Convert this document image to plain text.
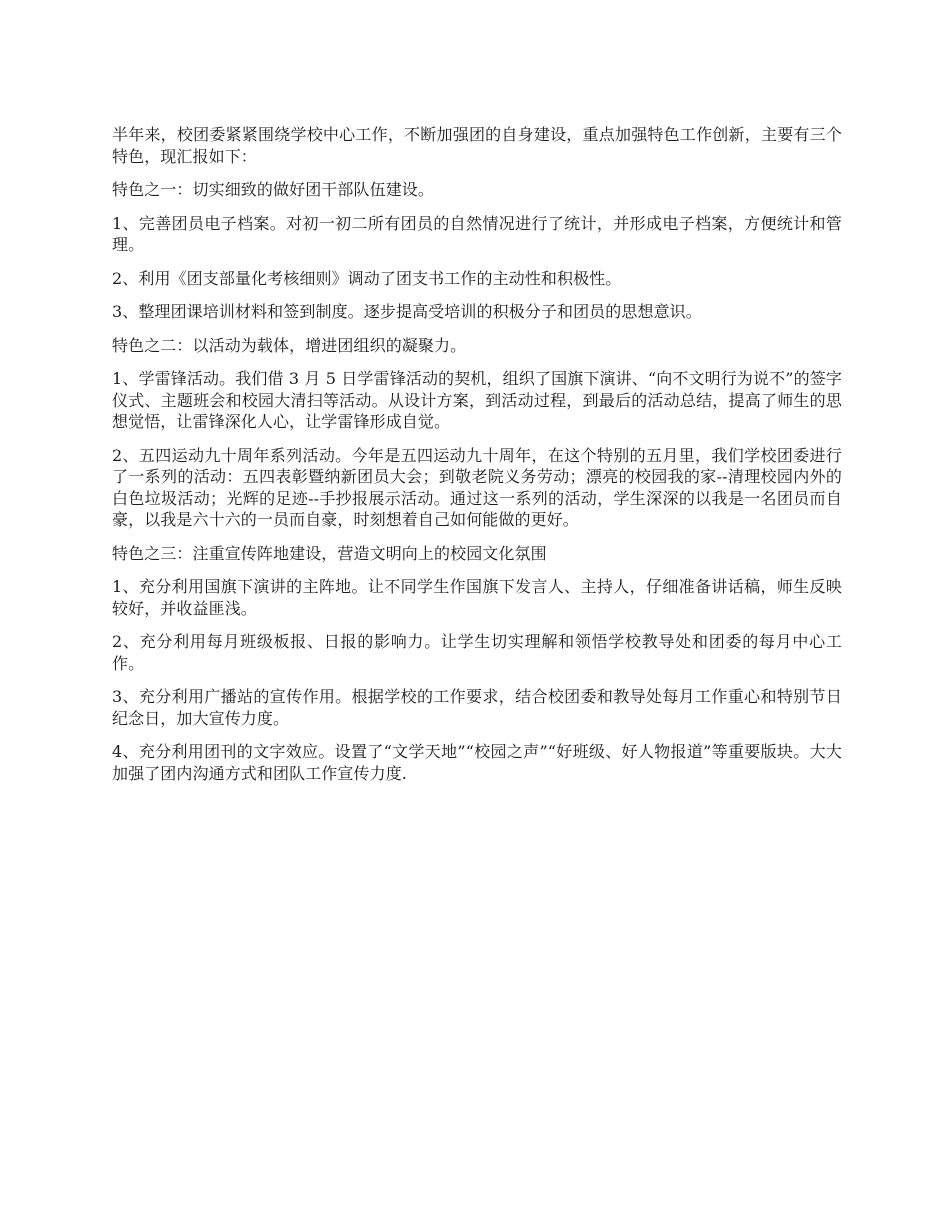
半年来，校团委紧紧围绕学校中心工作，不断加强团的自身建设，重点加强特色工作创新，主要有三个特色，现汇报如下：

特色之一：切实细致的做好团干部队伍建设。

1、完善团员电子档案。对初一初二所有团员的自然情况进行了统计，并形成电子档案，方便统计和管理。

2、利用《团支部量化考核细则》调动了团支书工作的主动性和积极性。

3、整理团课培训材料和签到制度。逐步提高受培训的积极分子和团员的思想意识。

特色之二：以活动为载体，增进团组织的凝聚力。

1、学雷锋活动。我们借 3 月 5 日学雷锋活动的契机，组织了国旗下演讲、“向不文明行为说不”的签字仪式、主题班会和校园大清扫等活动。从设计方案，到活动过程，到最后的活动总结，提高了师生的思想觉悟，让雷锋深化人心，让学雷锋形成自觉。

2、五四运动九十周年系列活动。今年是五四运动九十周年，在这个特别的五月里，我们学校团委进行了一系列的活动：五四表彰暨纳新团员大会；到敬老院义务劳动；漂亮的校园我的家--清理校园内外的白色垃圾活动；光辉的足迹--手抄报展示活动。通过这一系列的活动，学生深深的以我是一名团员而自豪，以我是六十六的一员而自豪，时刻想着自己如何能做的更好。

特色之三：注重宣传阵地建设，营造文明向上的校园文化氛围

1、充分利用国旗下演讲的主阵地。让不同学生作国旗下发言人、主持人，仔细准备讲话稿，师生反映较好，并收益匪浅。

2、充分利用每月班级板报、日报的影响力。让学生切实理解和领悟学校教导处和团委的每月中心工作。

3、充分利用广播站的宣传作用。根据学校的工作要求，结合校团委和教导处每月工作重心和特别节日纪念日，加大宣传力度。

4、充分利用团刊的文字效应。设置了“文学天地”“校园之声”“好班级、好人物报道”等重要版块。大大加强了团内沟通方式和团队工作宣传力度.
